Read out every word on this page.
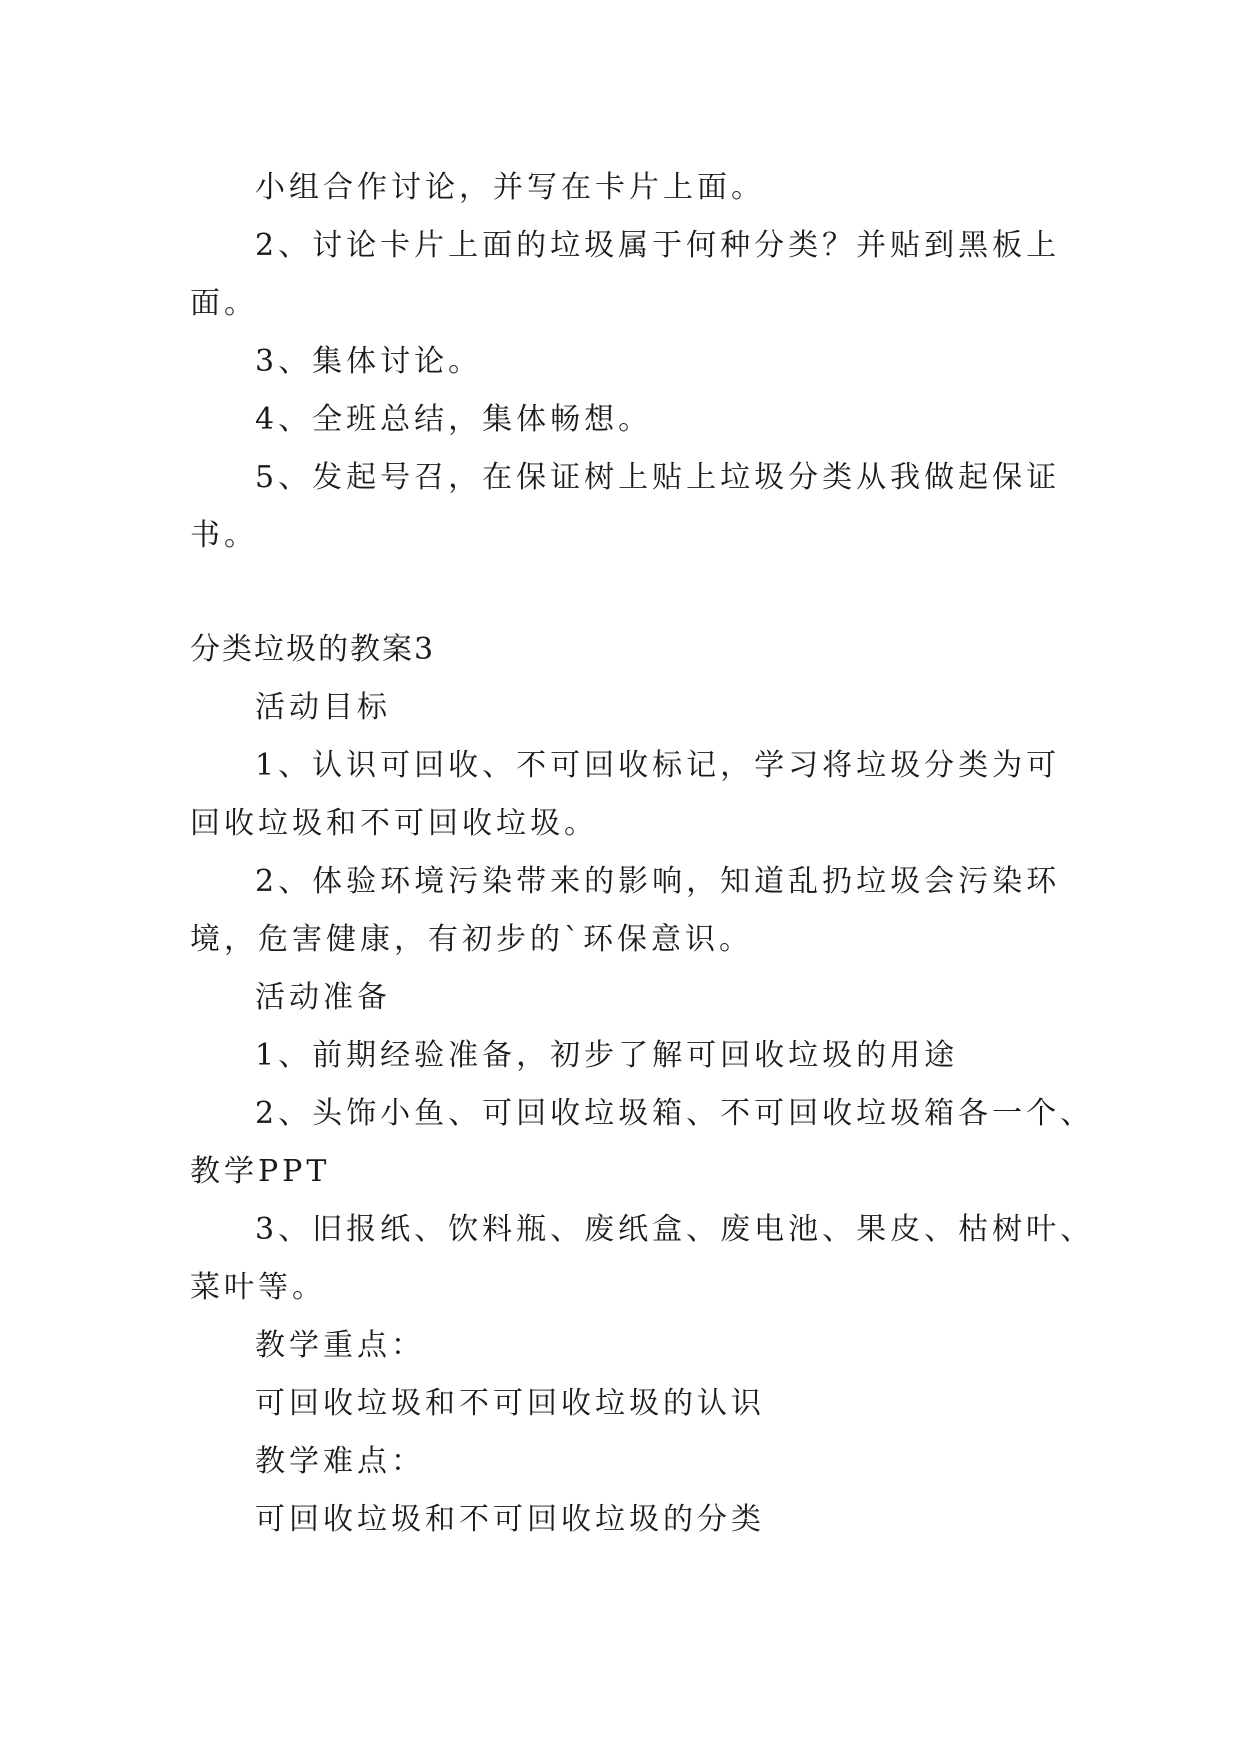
小组合作讨论，并写在卡片上面。

2、讨论卡片上面的垃圾属于何种分类？并贴到黑板上

面。

3、集体讨论。

4、全班总结，集体畅想。

5、发起号召，在保证树上贴上垃圾分类从我做起保证

书。

分类垃圾的教案3

活动目标

1、认识可回收、不可回收标记，学习将垃圾分类为可

回收垃圾和不可回收垃圾。

2、体验环境污染带来的影响，知道乱扔垃圾会污染环

境，危害健康，有初步的`环保意识。

活动准备

1、前期经验准备，初步了解可回收垃圾的用途

2、头饰小鱼、可回收垃圾箱、不可回收垃圾箱各一个、

教学PPT

3、旧报纸、饮料瓶、废纸盒、废电池、果皮、枯树叶、

菜叶等。

教学重点：

可回收垃圾和不可回收垃圾的认识

教学难点：

可回收垃圾和不可回收垃圾的分类
